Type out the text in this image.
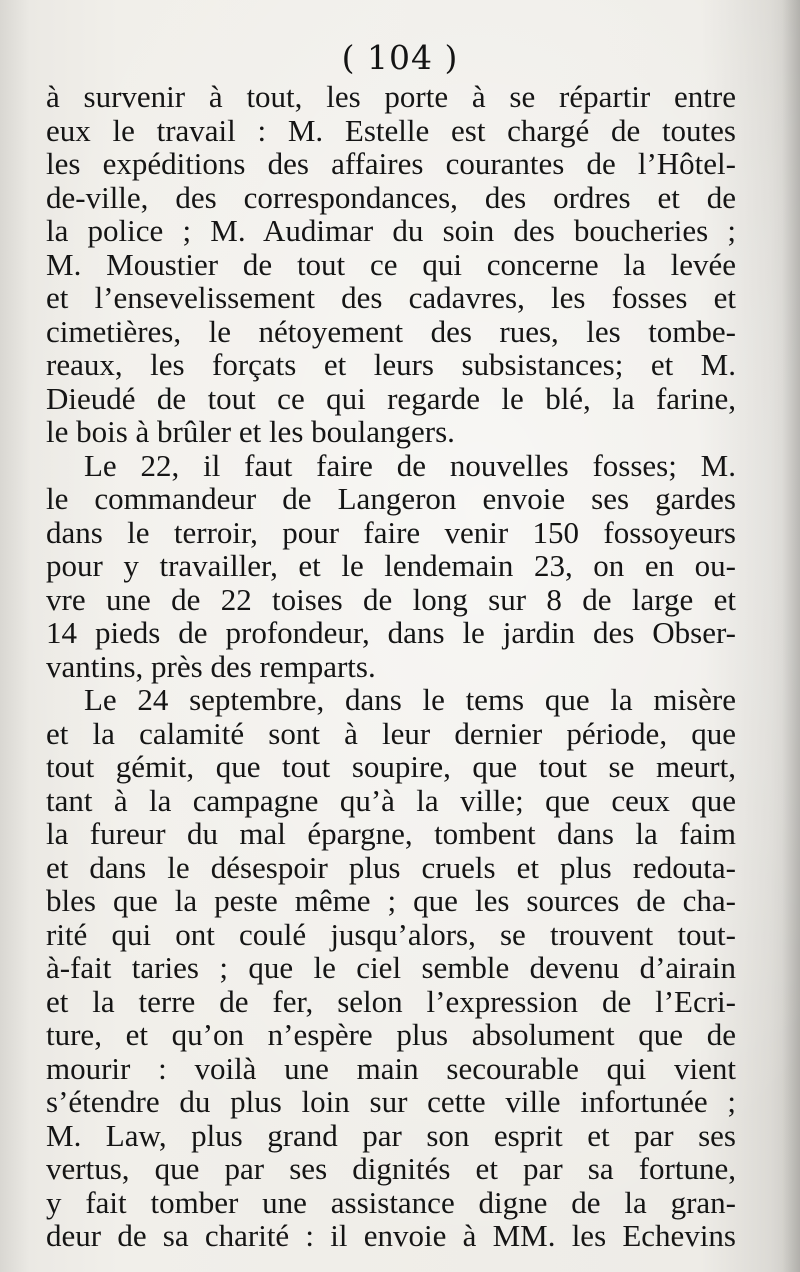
( 104 )
à survenir à tout, les porte à se répartir entre
eux le travail : M. Estelle est chargé de toutes
les expéditions des affaires courantes de l’Hôtel-
de-ville, des correspondances, des ordres et de
la police ; M. Audimar du soin des boucheries ;
M. Moustier de tout ce qui concerne la levée
et l’ensevelissement des cadavres, les fosses et
cimetières, le nétoyement des rues, les tombe-
reaux, les forçats et leurs subsistances; et M.
Dieudé de tout ce qui regarde le blé, la farine,
le bois à brûler et les boulangers.
Le 22, il faut faire de nouvelles fosses; M.
le commandeur de Langeron envoie ses gardes
dans le terroir, pour faire venir 150 fossoyeurs
pour y travailler, et le lendemain 23, on en ou-
vre une de 22 toises de long sur 8 de large et
14 pieds de profondeur, dans le jardin des Obser-
vantins, près des remparts.
Le 24 septembre, dans le tems que la misère
et la calamité sont à leur dernier période, que
tout gémit, que tout soupire, que tout se meurt,
tant à la campagne qu’à la ville; que ceux que
la fureur du mal épargne, tombent dans la faim
et dans le désespoir plus cruels et plus redouta-
bles que la peste même ; que les sources de cha-
rité qui ont coulé jusqu’alors, se trouvent tout-
à-fait taries ; que le ciel semble devenu d’airain
et la terre de fer, selon l’expression de l’Ecri-
ture, et qu’on n’espère plus absolument que de
mourir : voilà une main secourable qui vient
s’étendre du plus loin sur cette ville infortunée ;
M. Law, plus grand par son esprit et par ses
vertus, que par ses dignités et par sa fortune,
y fait tomber une assistance digne de la gran-
deur de sa charité : il envoie à MM. les Echevins
